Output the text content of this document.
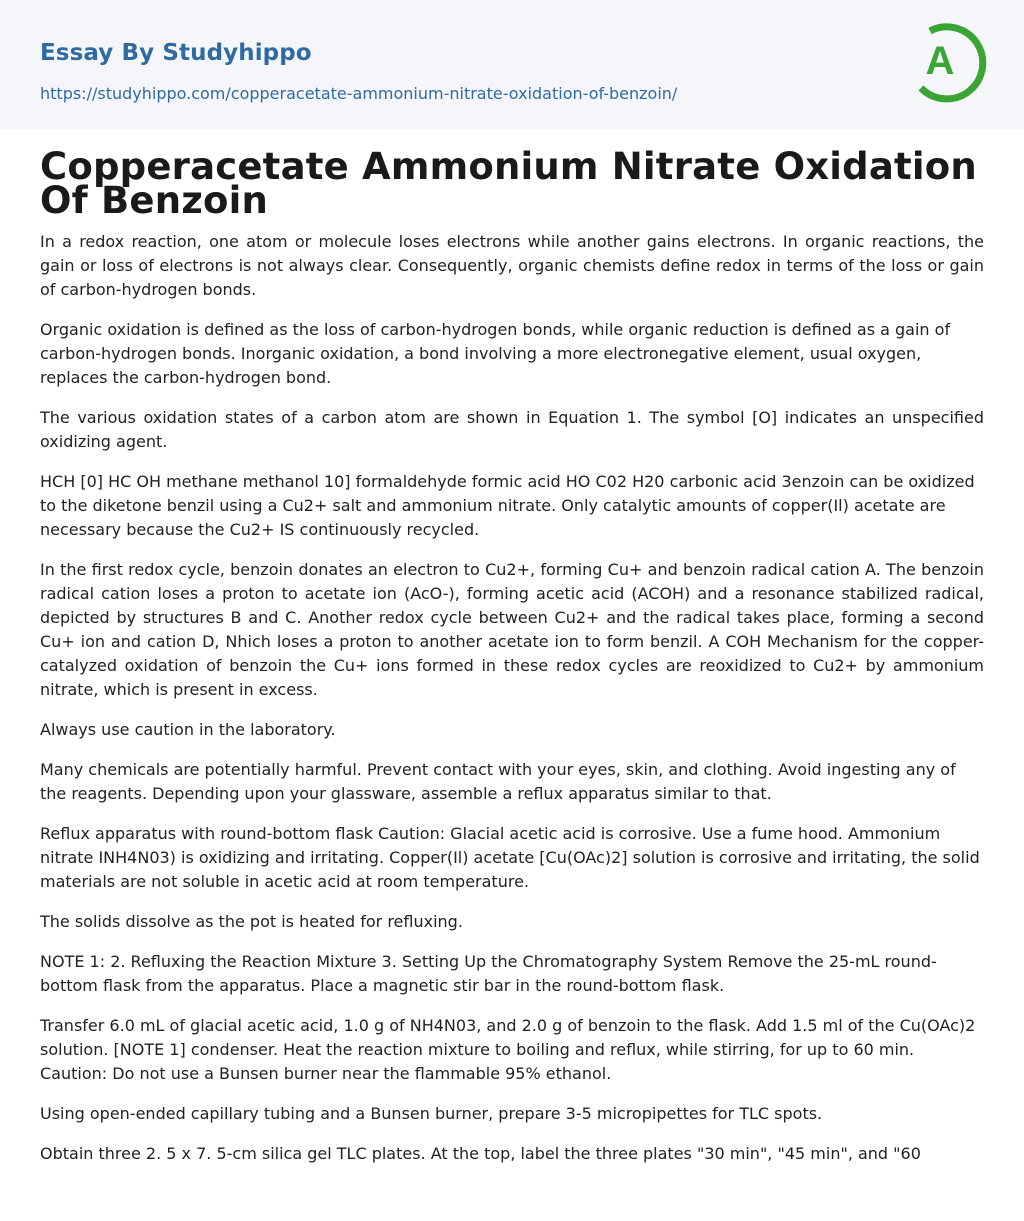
Essay By Studyhippo
https://studyhippo.com/copperacetate-ammonium-nitrate-oxidation-of-benzoin/
A
Copperacetate Ammonium Nitrate Oxidation Of Benzoin

In a redox reaction, one atom or molecule loses electrons while another gains electrons. In organic reactions, the gain or loss of electrons is not always clear. Consequently, organic chemists define redox in terms of the loss or gain of carbon-hydrogen bonds.

Organic oxidation is defined as the loss of carbon-hydrogen bonds, while organic reduction is defined as a gain of carbon-hydrogen bonds. Inorganic oxidation, a bond involving a more electronegative element, usual oxygen, replaces the carbon-hydrogen bond.

The various oxidation states of a carbon atom are shown in Equation 1. The symbol [O] indicates an unspecified oxidizing agent.

HCH [0] HC OH methane methanol 10] formaldehyde formic acid HO C02 H20 carbonic acid 3enzoin can be oxidized to the diketone benzil using a Cu2+ salt and ammonium nitrate. Only catalytic amounts of copper(Il) acetate are necessary because the Cu2+ IS continuously recycled.

In the first redox cycle, benzoin donates an electron to Cu2+, forming Cu+ and benzoin radical cation A. The benzoin radical cation loses a proton to acetate ion (AcO-), forming acetic acid (ACOH) and a resonance stabilized radical, depicted by structures B and C. Another redox cycle between Cu2+ and the radical takes place, forming a second Cu+ ion and cation D, Nhich loses a proton to another acetate ion to form benzil. A COH Mechanism for the copper-catalyzed oxidation of benzoin the Cu+ ions formed in these redox cycles are reoxidized to Cu2+ by ammonium nitrate, which is present in excess.

Always use caution in the laboratory.

Many chemicals are potentially harmful. Prevent contact with your eyes, skin, and clothing. Avoid ingesting any of the reagents. Depending upon your glassware, assemble a reflux apparatus similar to that.

Reflux apparatus with round-bottom flask Caution: Glacial acetic acid is corrosive. Use a fume hood. Ammonium nitrate INH4N03) is oxidizing and irritating. Copper(Il) acetate [Cu(OAc)2] solution is corrosive and irritating, the solid materials are not soluble in acetic acid at room temperature.

The solids dissolve as the pot is heated for refluxing.

NOTE 1: 2. Refluxing the Reaction Mixture 3. Setting Up the Chromatography System Remove the 25-mL round-bottom flask from the apparatus. Place a magnetic stir bar in the round-bottom flask.

Transfer 6.0 mL of glacial acetic acid, 1.0 g of NH4N03, and 2.0 g of benzoin to the flask. Add 1.5 ml of the Cu(OAc)2 solution. [NOTE 1] condenser. Heat the reaction mixture to boiling and reflux, while stirring, for up to 60 min. Caution: Do not use a Bunsen burner near the flammable 95% ethanol.

Using open-ended capillary tubing and a Bunsen burner, prepare 3-5 micropipettes for TLC spots.

Obtain three 2. 5 x 7. 5-cm silica gel TLC plates. At the top, label the three plates "30 min", "45 min", and "60
